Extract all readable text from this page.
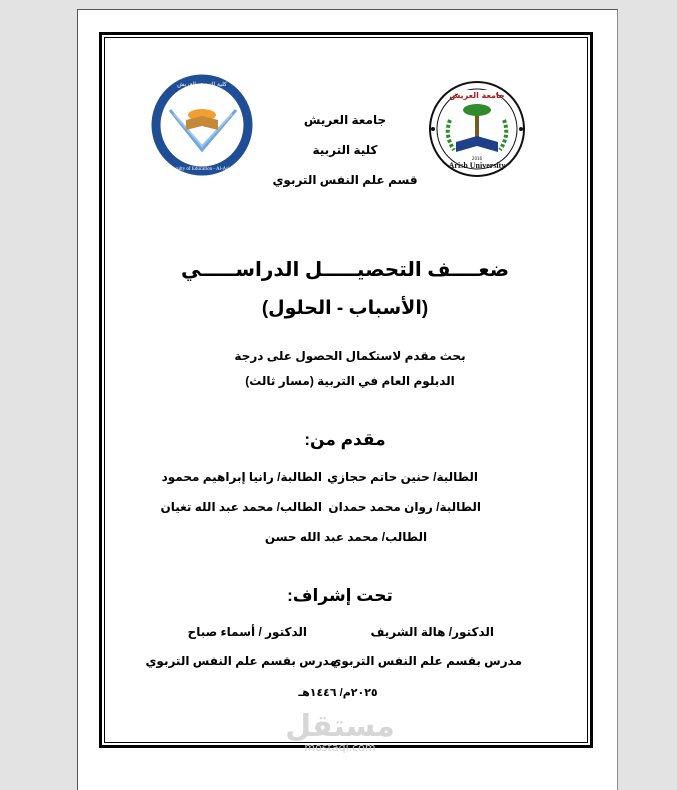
جامعة العريش
2016
Arish University
كلية التربية بالعريش
Faculty of Education - Al-Arish
جامعة العريش
كلية التربية
قسم علم النفس التربوي
ضعــــف التحصيـــــل الدراســـــي
(الأسباب - الحلول)
بحث مقدم لاستكمال الحصول على درجة
الدبلوم العام في التربية (مسار ثالث)
مقدم من:
الطالبة/ حنين حاتم حجازي
الطالبة/ رانيا إبراهيم محمود
الطالبة/ روان محمد حمدان
الطالب/ محمد عبد الله تغيان
الطالب/ محمد عبد الله حسن
تحت إشراف:
الدكتور/ هالة الشريف
الدكتور / أسماء صباح
مدرس بقسم علم النفس التربوي
مدرس بقسم علم النفس التربوي
٢٠٢٥م/ ١٤٤٦هـ
مستقل
mostaql.com
